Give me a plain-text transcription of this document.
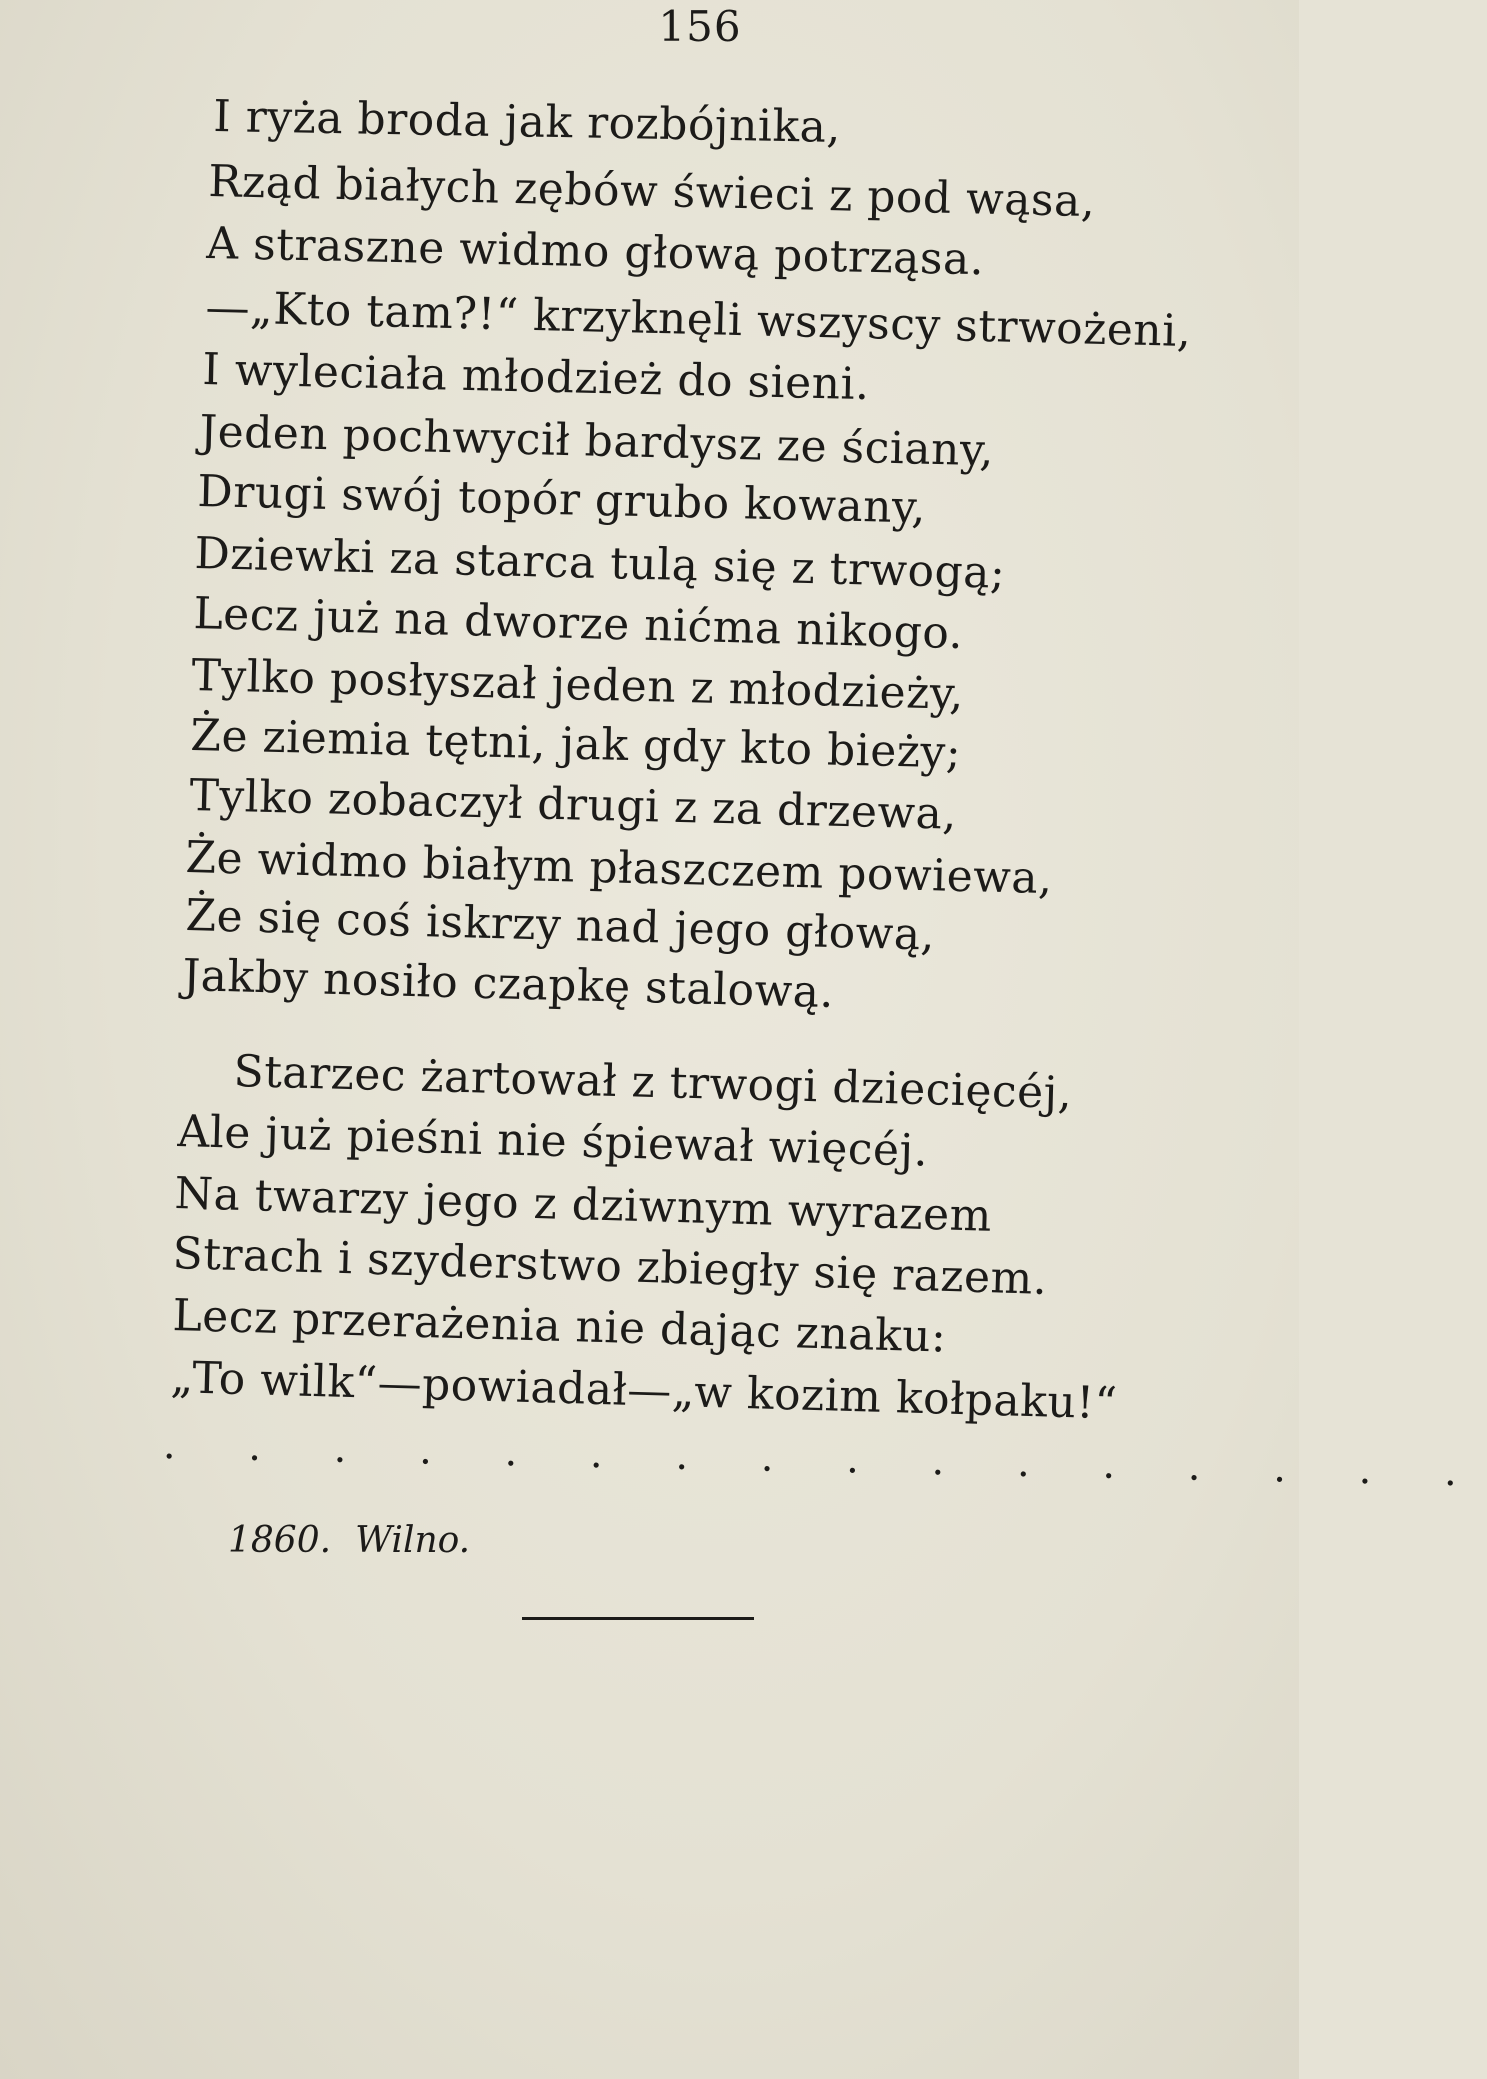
156
I ryża broda jak rozbójnika,
Rząd białych zębów świeci z pod wąsa,
A straszne widmo głową potrząsa.
—„Kto tam?!“ krzyknęli wszyscy strwożeni,
I wyleciała młodzież do sieni.
Jeden pochwycił bardysz ze ściany,
Drugi swój topór grubo kowany,
Dziewki za starca tulą się z trwogą;
Lecz już na dworze nićma nikogo.
Tylko posłyszał jeden z młodzieży,
Że ziemia tętni, jak gdy kto bieży;
Tylko zobaczył drugi z za drzewa,
Że widmo białym płaszczem powiewa,
Że się coś iskrzy nad jego głową,
Jakby nosiło czapkę stalową.
Starzec żartował z trwogi dziecięcéj,
Ale już pieśni nie śpiewał więcéj.
Na twarzy jego z dziwnym wyrazem
Strach i szyderstwo zbiegły się razem.
Lecz przerażenia nie dając znaku:
„To wilk“—powiadał—„w kozim kołpaku!“
. . . . . . . . . . . . . . . .
1860. Wilno.
